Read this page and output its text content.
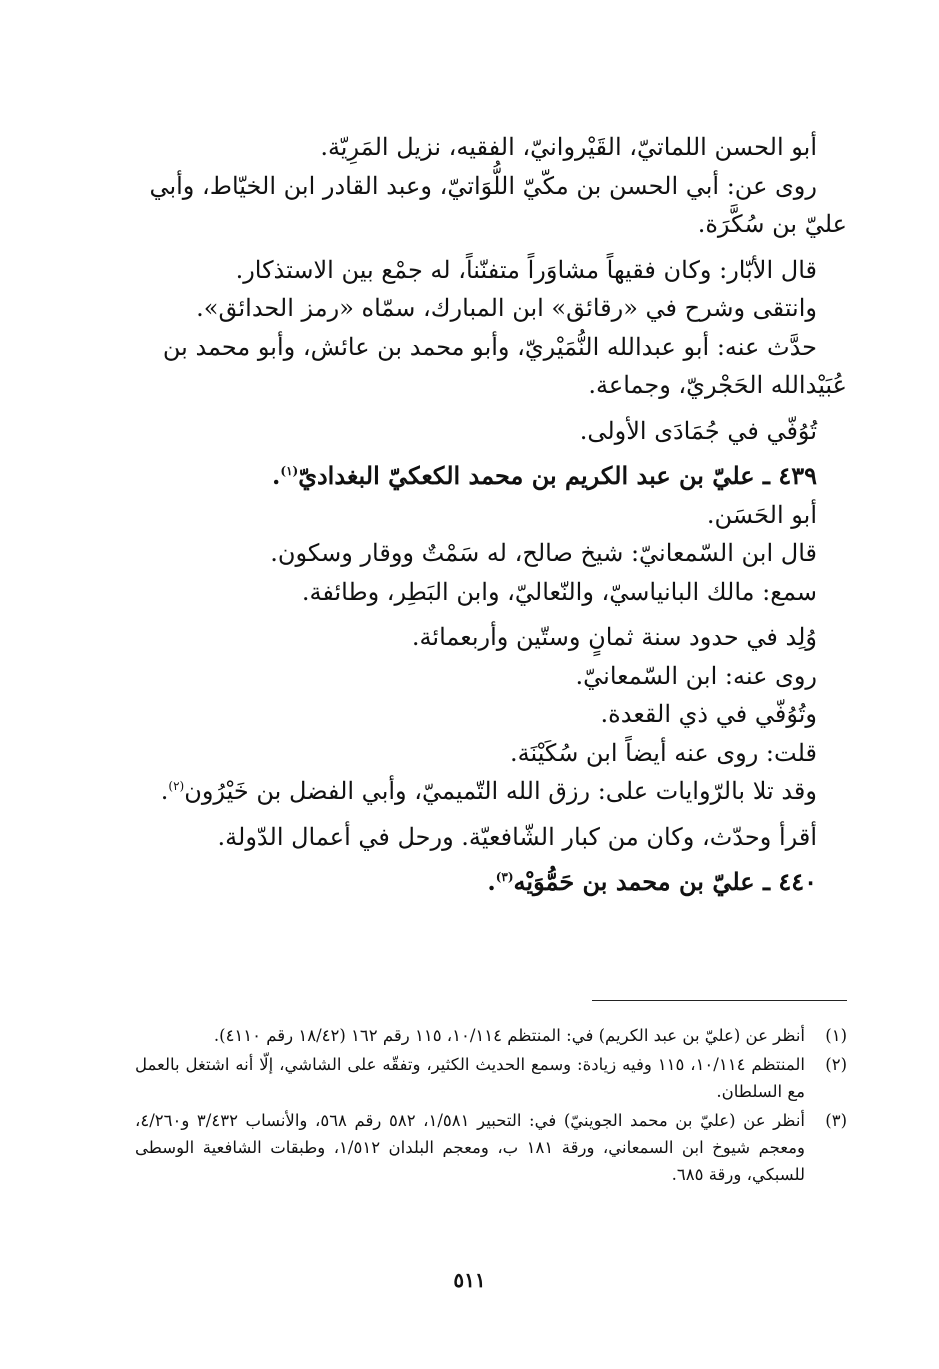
أبو الحسن اللماتيّ، القَيْروانيّ، الفقيه، نزيل المَرِيّة.

روى عن: أبي الحسن بن مكّيّ اللُّوَاتيّ، وعبد القادر ابن الخيّاط، وأبي

عليّ بن سُكَّرَة.

قال الأبّار: وكان فقيهاً مشاوَراً متفنّناً، له جمْع بين الاستذكار.

وانتقى وشرح في «رقائق» ابن المبارك، سمّاه «رمز الحدائق».

حدَّث عنه: أبو عبدالله النُّمَيْريّ، وأبو محمد بن عائش، وأبو محمد بن

عُبَيْدالله الحَجْريّ، وجماعة.

تُوُفّي في جُمَادَى الأولى.

٤٣٩ ـ عليّ بن عبد الكريم بن محمد الكعكيّ البغداديّ$^{(١)}$.

أبو الحَسَن.

قال ابن السّمعانيّ: شيخ صالح، له سَمْتٌ ووقار وسكون.

سمع: مالك البانياسيّ، والنّعاليّ، وابن البَطِر، وطائفة.

وُلِد في حدود سنة ثمانٍ وستّين وأربعمائة.

روى عنه: ابن السّمعانيّ.

وتُوُفّي في ذي القعدة.

قلت: روى عنه أيضاً ابن سُكَيْنَة.

وقد تلا بالرّوايات على: رزق الله التّميميّ، وأبي الفضل بن خَيْرُون$^{(٢)}$.

أقرأ وحدّث، وكان من كبار الشّافعيّة. ورحل في أعمال الدّولة.

٤٤٠ ـ عليّ بن محمد بن حَمُّوَيْه$^{(٣)}$.

(١)
أنظر عن (عليّ بن عبد الكريم) في: المنتظم ١٠/١١٤، ١١٥ رقم ١٦٢ (١٨/٤٢ رقم ٤١١٠).
(٢)
المنتظم ١٠/١١٤، ١١٥ وفيه زيادة: وسمع الحديث الكثير، وتفقّه على الشاشي، إلّا أنه اشتغل بالعمل مع السلطان.
(٣)
أنظر عن (عليّ بن محمد الجوينيّ) في: التحبير ١/٥٨١، ٥٨٢ رقم ٥٦٨، والأنساب ٣/٤٣٢ و٤/٢٦٠، ومعجم شيوخ ابن السمعاني، ورقة ١٨١ ب، ومعجم البلدان ١/٥١٢، وطبقات الشافعية الوسطى للسبكي، ورقة ٦٨٥.
٥١١
